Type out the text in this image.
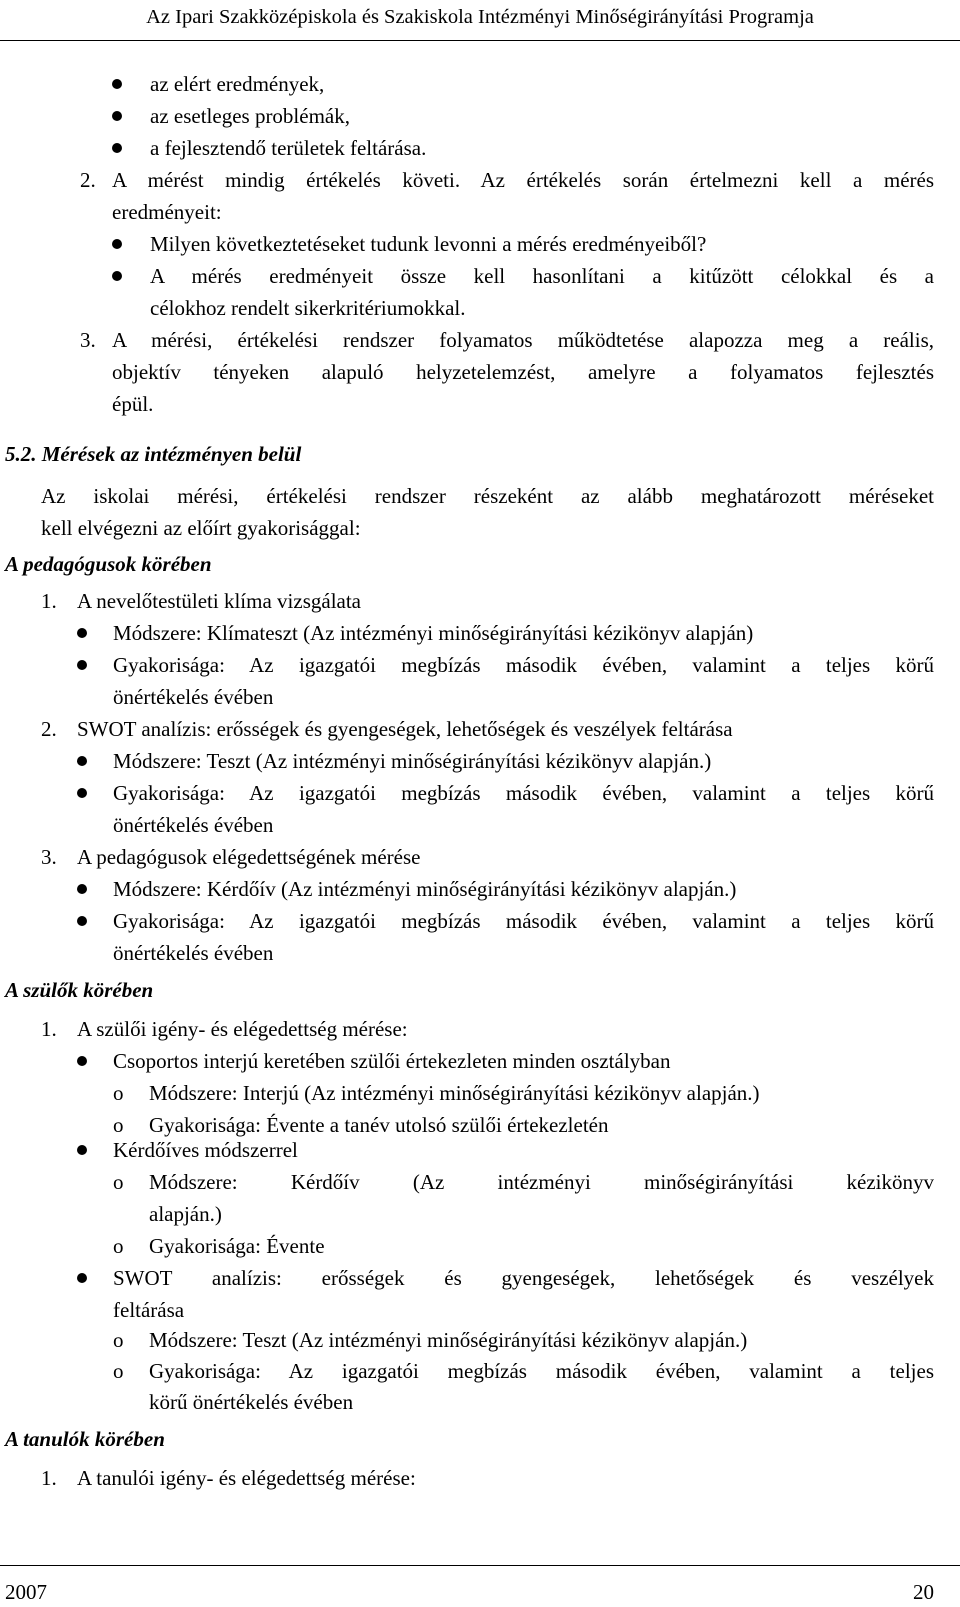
Az Ipari Szakközépiskola és Szakiskola Intézményi Minőségirányítási Programja
az elért eredmények,
az esetleges problémák,
a fejlesztendő területek feltárása.
2. A mérést mindig értékelés követi. Az értékelés során értelmezni kell a mérés
eredményeit:
Milyen következtetéseket tudunk levonni a mérés eredményeiből?
A mérés eredményeit össze kell hasonlítani a kitűzött célokkal és a
célokhoz rendelt sikerkritériumokkal.
3. A mérési, értékelési rendszer folyamatos működtetése alapozza meg a reális,
objektív tényeken alapuló helyzetelemzést, amelyre a folyamatos fejlesztés
épül.
5.2. Mérések az intézményen belül
Az iskolai mérési, értékelési rendszer részeként az alább meghatározott méréseket
kell elvégezni az előírt gyakorisággal:
A pedagógusok körében
1. A nevelőtestületi klíma vizsgálata
Módszere: Klímateszt (Az intézményi minőségirányítási kézikönyv alapján)
Gyakorisága: Az igazgatói megbízás második évében, valamint a teljes körű
önértékelés évében
2. SWOT analízis: erősségek és gyengeségek, lehetőségek és veszélyek feltárása
Módszere: Teszt (Az intézményi minőségirányítási kézikönyv alapján.)
Gyakorisága: Az igazgatói megbízás második évében, valamint a teljes körű
önértékelés évében
3. A pedagógusok elégedettségének mérése
Módszere: Kérdőív (Az intézményi minőségirányítási kézikönyv alapján.)
Gyakorisága: Az igazgatói megbízás második évében, valamint a teljes körű
önértékelés évében
A szülők körében
1. A szülői igény- és elégedettség mérése:
Csoportos interjú keretében szülői értekezleten minden osztályban
o Módszere: Interjú (Az intézményi minőségirányítási kézikönyv alapján.)
o Gyakorisága: Évente a tanév utolsó szülői értekezletén
Kérdőíves módszerrel
o Módszere: Kérdőív (Az intézményi minőségirányítási kézikönyv
alapján.)
o Gyakorisága: Évente
SWOT analízis: erősségek és gyengeségek, lehetőségek és veszélyek
feltárása
o Módszere: Teszt (Az intézményi minőségirányítási kézikönyv alapján.)
o Gyakorisága: Az igazgatói megbízás második évében, valamint a teljes
körű önértékelés évében
A tanulók körében
1. A tanulói igény- és elégedettség mérése:
2007	20
